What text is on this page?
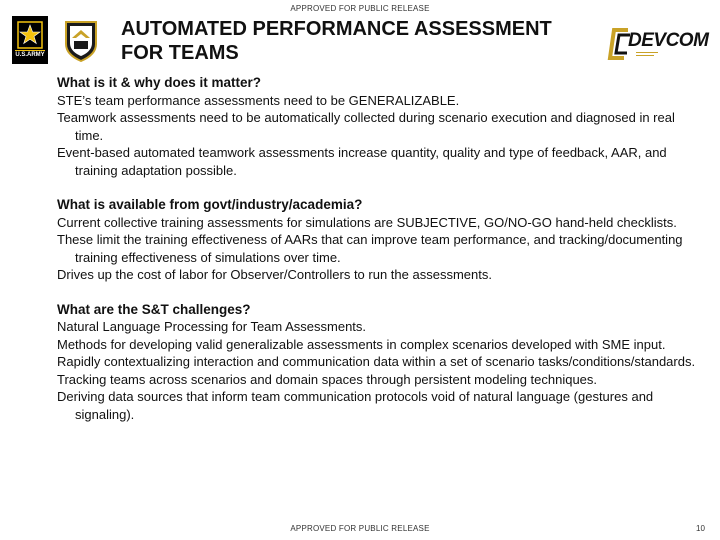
APPROVED FOR PUBLIC RELEASE
U.S.ARMY
AUTOMATED PERFORMANCE ASSESSMENT
FOR TEAMS
DEVCOM

What is it & why does it matter?

STE’s team performance assessments need to be GENERALIZABLE.

Teamwork assessments need to be automatically collected during scenario execution and diagnosed in real time.

Event-based automated teamwork assessments increase quantity, quality and type of feedback, AAR, and training adaptation possible.

What is available from govt/industry/academia?

Current collective training assessments for simulations are SUBJECTIVE, GO/NO-GO hand-held checklists.

These limit the training effectiveness of AARs that can improve team performance, and tracking/documenting training effectiveness of simulations over time.

Drives up the cost of labor for Observer/Controllers to run the assessments.

What are the S&T challenges?

Natural Language Processing for Team Assessments.

Methods for developing valid generalizable assessments in complex scenarios developed with SME input.

Rapidly contextualizing interaction and communication data within a set of scenario tasks/conditions/standards.

Tracking teams across scenarios and domain spaces through persistent modeling techniques.

Deriving data sources that inform team communication protocols void of natural language (gestures and signaling).

APPROVED FOR PUBLIC RELEASE	10
